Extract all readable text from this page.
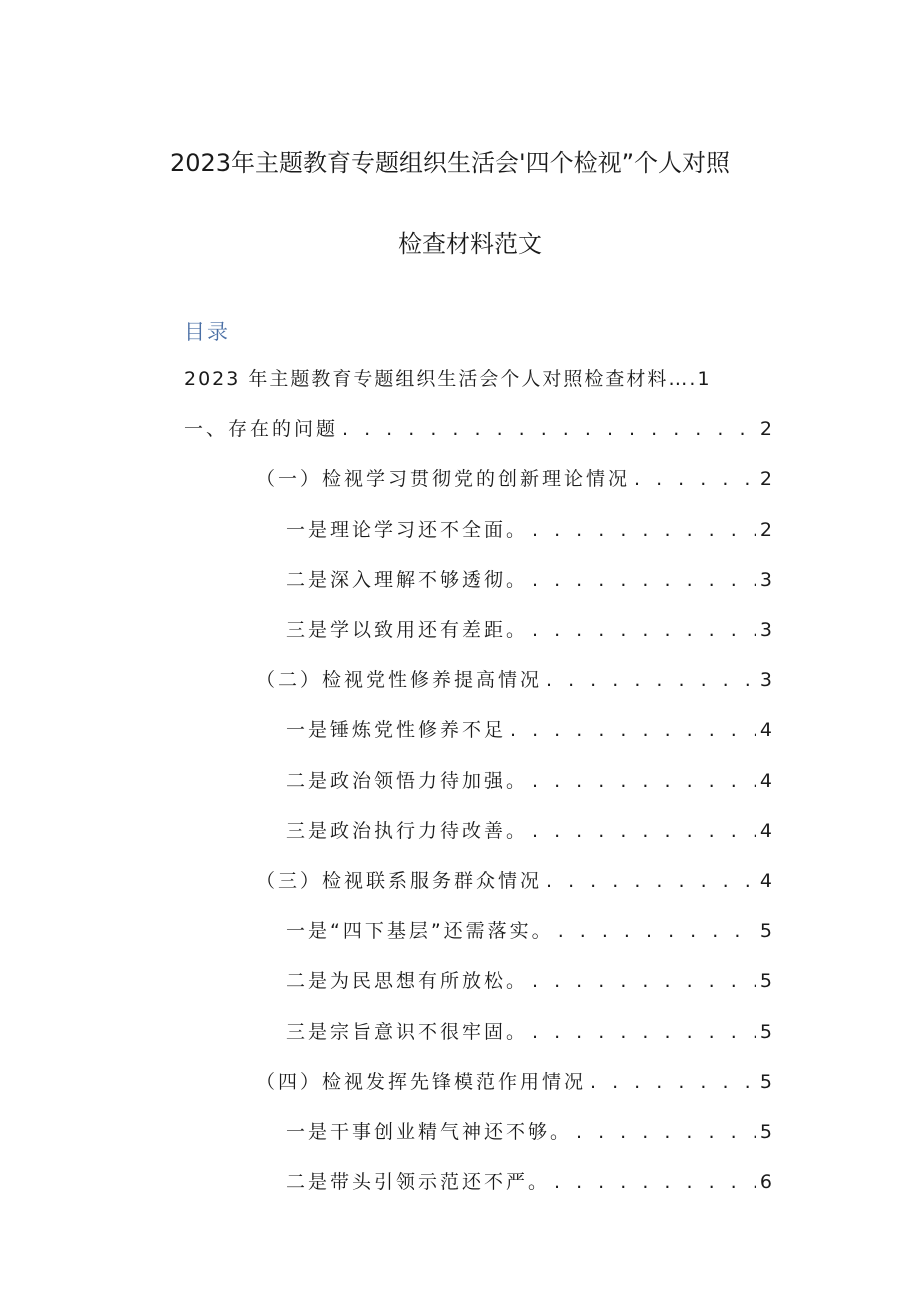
2023年主题教育专题组织生活会'四个检视”个人对照
检查材料范文
目录
2023 年主题教育专题组织生活会个人对照检查材料…. 1
一、存在的问题 . . .	2
（一）检视学习贯彻党的创新理论情况 . . .	2
一是理论学习还不全面。 . . .	2
二是深入理解不够透彻。 . . .	3
三是学以致用还有差距。 . . .	3
（二）检视党性修养提高情况 . . .	3
一是锤炼党性修养不足 . . .	4
二是政治领悟力待加强。 . . .	4
三是政治执行力待改善。 . . .	4
（三）检视联系服务群众情况 . . .	4
一是“四下基层”还需落实。 . . .	5
二是为民思想有所放松。 . . .	5
三是宗旨意识不很牢固。 . . .	5
（四）检视发挥先锋模范作用情况 . . .	5
一是干事创业精气神还不够。 . . .	5
二是带头引领示范还不严。 . . .	6
